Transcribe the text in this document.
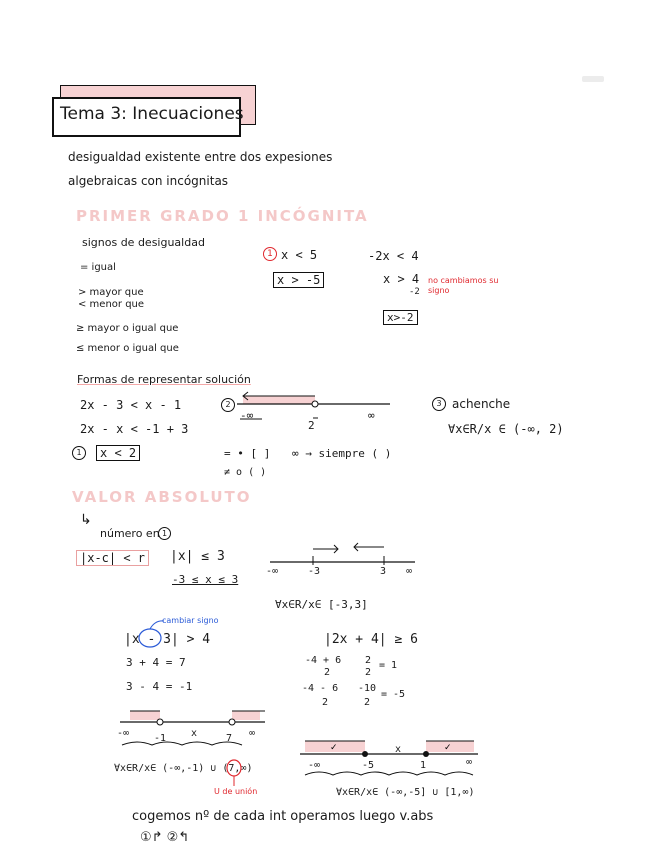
Tema 3: Inecuaciones
desigualdad existente entre dos expesiones
algebraicas con incógnitas
PRIMER GRADO 1 INCÓGNITA
signos de desigualdad
= igual
> mayor que
< menor que
≥ mayor o igual que
≤ menor o igual que
1 x < 5
x > -5
-2x < 4
x > 4
-2
x>-2
no cambiamos su signo
Formas de representar solución
2x - 3 < x - 1
2x - x < -1 + 3
1	x < 2
2
-∞
2
∞
= • [ ] ∞ → siempre ( )
≠ o ( )
3 achenche
∀x∈R/x ∈ (-∞, 2)
VALOR ABSOLUTO
↳
número en 1
|x-c| < r	|x| ≤ 3
-3 ≤ x ≤ 3
-∞	-3	3 ∞
∀x∈R/x∈ [-3,3]
cambiar signo
|x - 3| > 4
3 + 4 = 7
3 - 4 = -1
-∞ -1 x	7 ∞
∀x∈R/x∈ (-∞,-1) ∪ (7,∞)
U de unión
|2x + 4| ≥ 6
-4 + 6
2
2
2
= 1
-4 - 6
2
-10
2
= -5
-∞	-5
x
1	∞
∀x∈R/x∈ (-∞,-5] ∪ [1,∞)
cogemos nº de cada int operamos luego v.abs
①↱ ②↰
✓	✓
